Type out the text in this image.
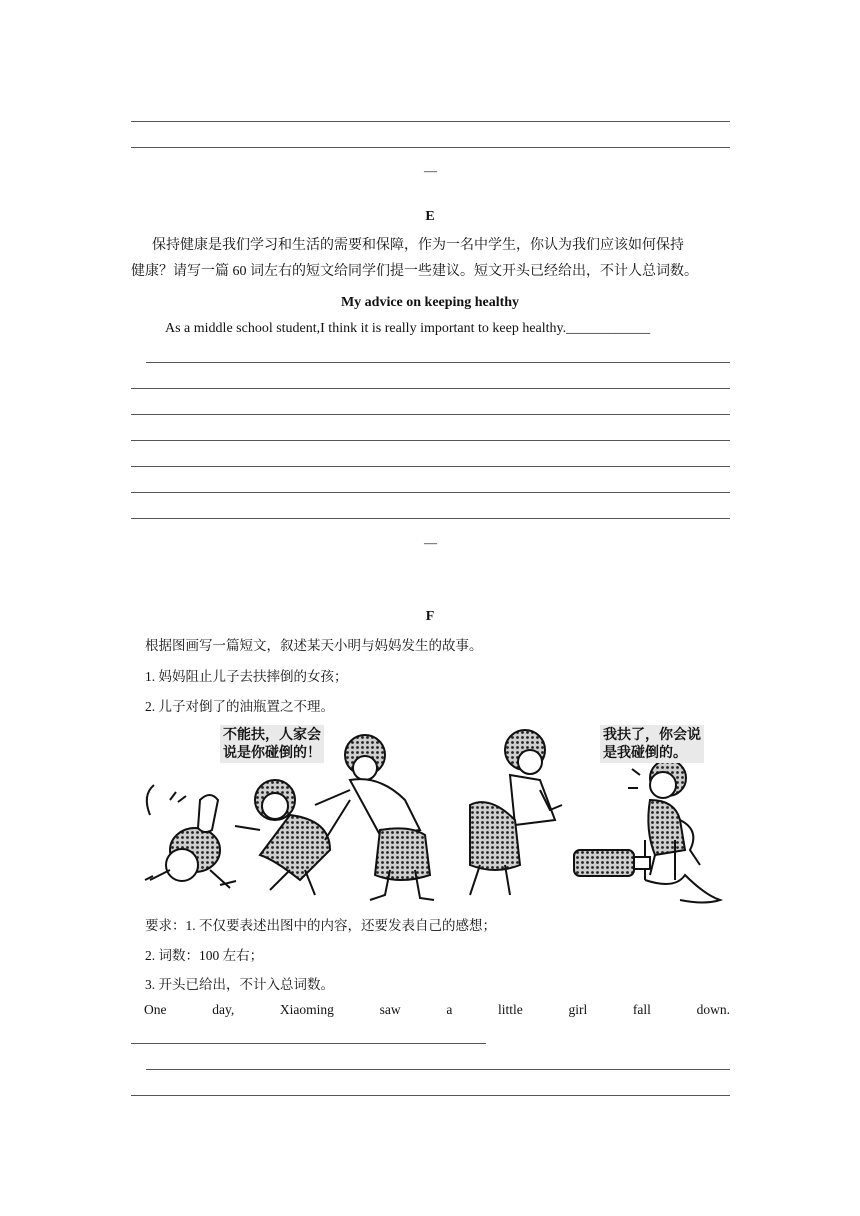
—
E
保持健康是我们学习和生活的需要和保障，作为一名中学生，你认为我们应该如何保持
健康？请写一篇 60 词左右的短文给同学们提一些建议。短文开头已经给出，不计人总词数。
My advice on keeping healthy
As a middle school student,I think it is really important to keep healthy.____________
—
F
根据图画写一篇短文，叙述某天小明与妈妈发生的故事。
1. 妈妈阻止儿子去扶摔倒的女孩；
2. 儿子对倒了的油瓶置之不理。
不能扶，人家会
说是你碰倒的！
我扶了，你会说
是我碰倒的。
要求：1. 不仅要表述出图中的内容，还要发表自己的感想；
2. 词数：100 左右；
3. 开头已给出，不计入总词数。
One	day,	Xiaoming	saw	a	little	girl	fall	down.
